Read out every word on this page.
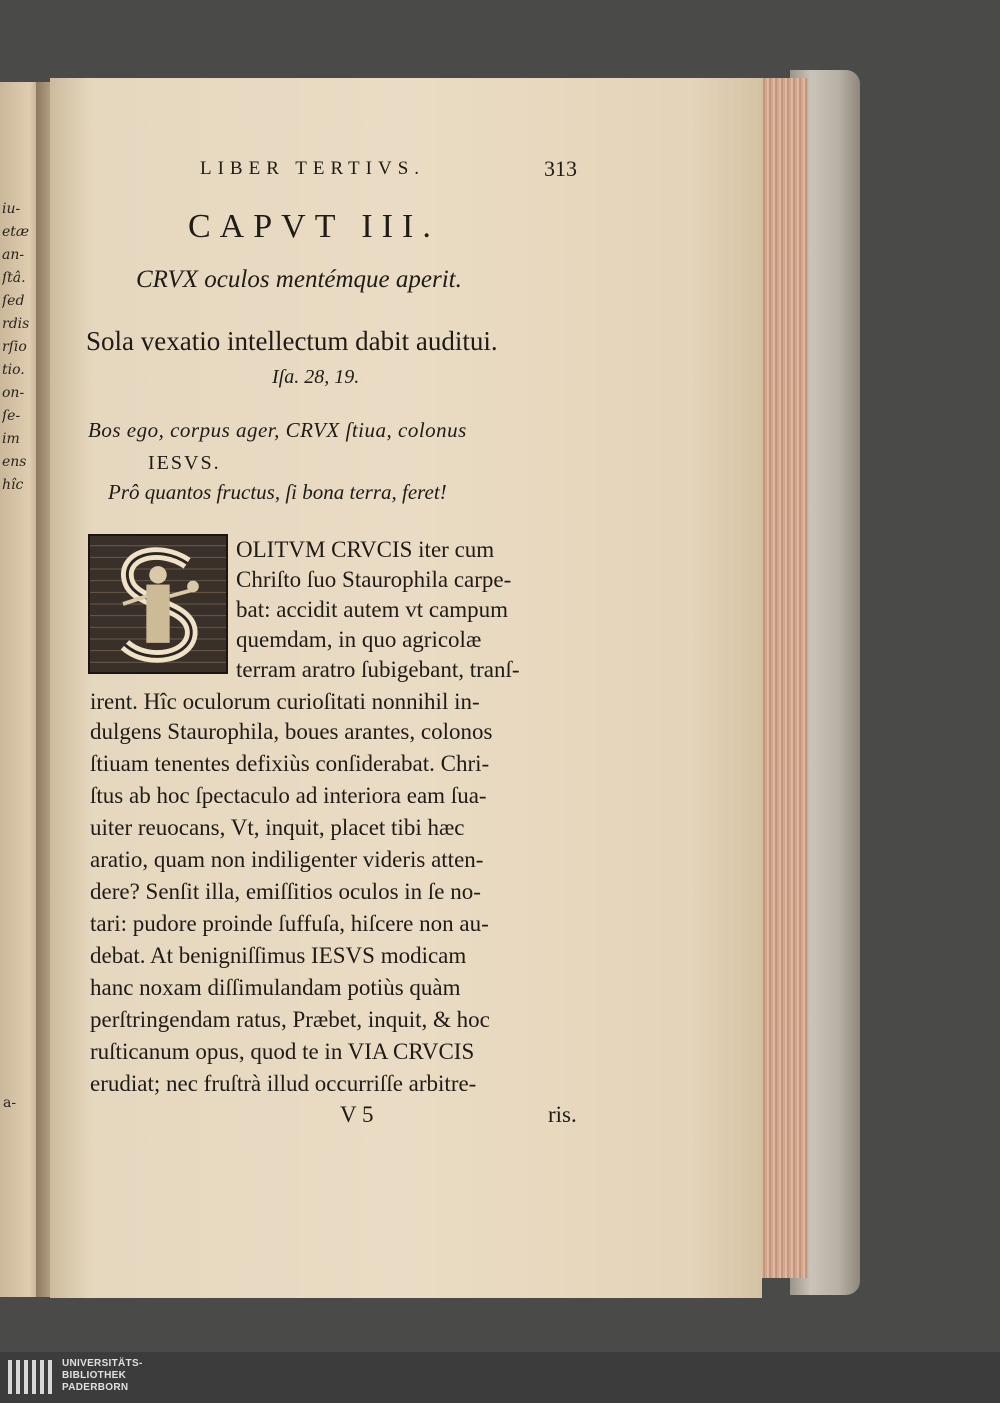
iu-
etæ
an-
ſtâ.
ſed
rdis
rſio
tio.
on-
ſe-
im
ens
hîc
a-
LIBER TERTIVS.	313
CAPVT III.
CRVX oculos mentémque aperit.
Sola vexatio intellectum dabit auditui.
Iſa. 28, 19.
Bos ego, corpus ager, CRVX ſtiua, colonus
IESVS.
Prô quantos fructus, ſi bona terra, feret!
OLITVM CRVCIS iter cum
Chriſto ſuo Staurophila carpe-
bat: accidit autem vt campum
quemdam, in quo agricolæ
terram aratro ſubigebant, tranſ-
irent. Hîc oculorum curioſitati nonnihil in-
dulgens Staurophila, boues arantes, colonos
ſtiuam tenentes defixiùs conſiderabat. Chri-
ſtus ab hoc ſpectaculo ad interiora eam ſua-
uiter reuocans, Vt, inquit, placet tibi hæc
aratio, quam non indiligenter videris atten-
dere? Senſit illa, emiſſitios oculos in ſe no-
tari: pudore proinde ſuffuſa, hiſcere non au-
debat. At benigniſſimus IESVS modicam
hanc noxam diſſimulandam potiùs quàm
perſtringendam ratus, Præbet, inquit, & hoc
ruſticanum opus, quod te in VIA CRVCIS
erudiat; nec fruſtrà illud occurriſſe arbitre-
V 5	ris.
UNIVERSITÄTS-
BIBLIOTHEK
PADERBORN
